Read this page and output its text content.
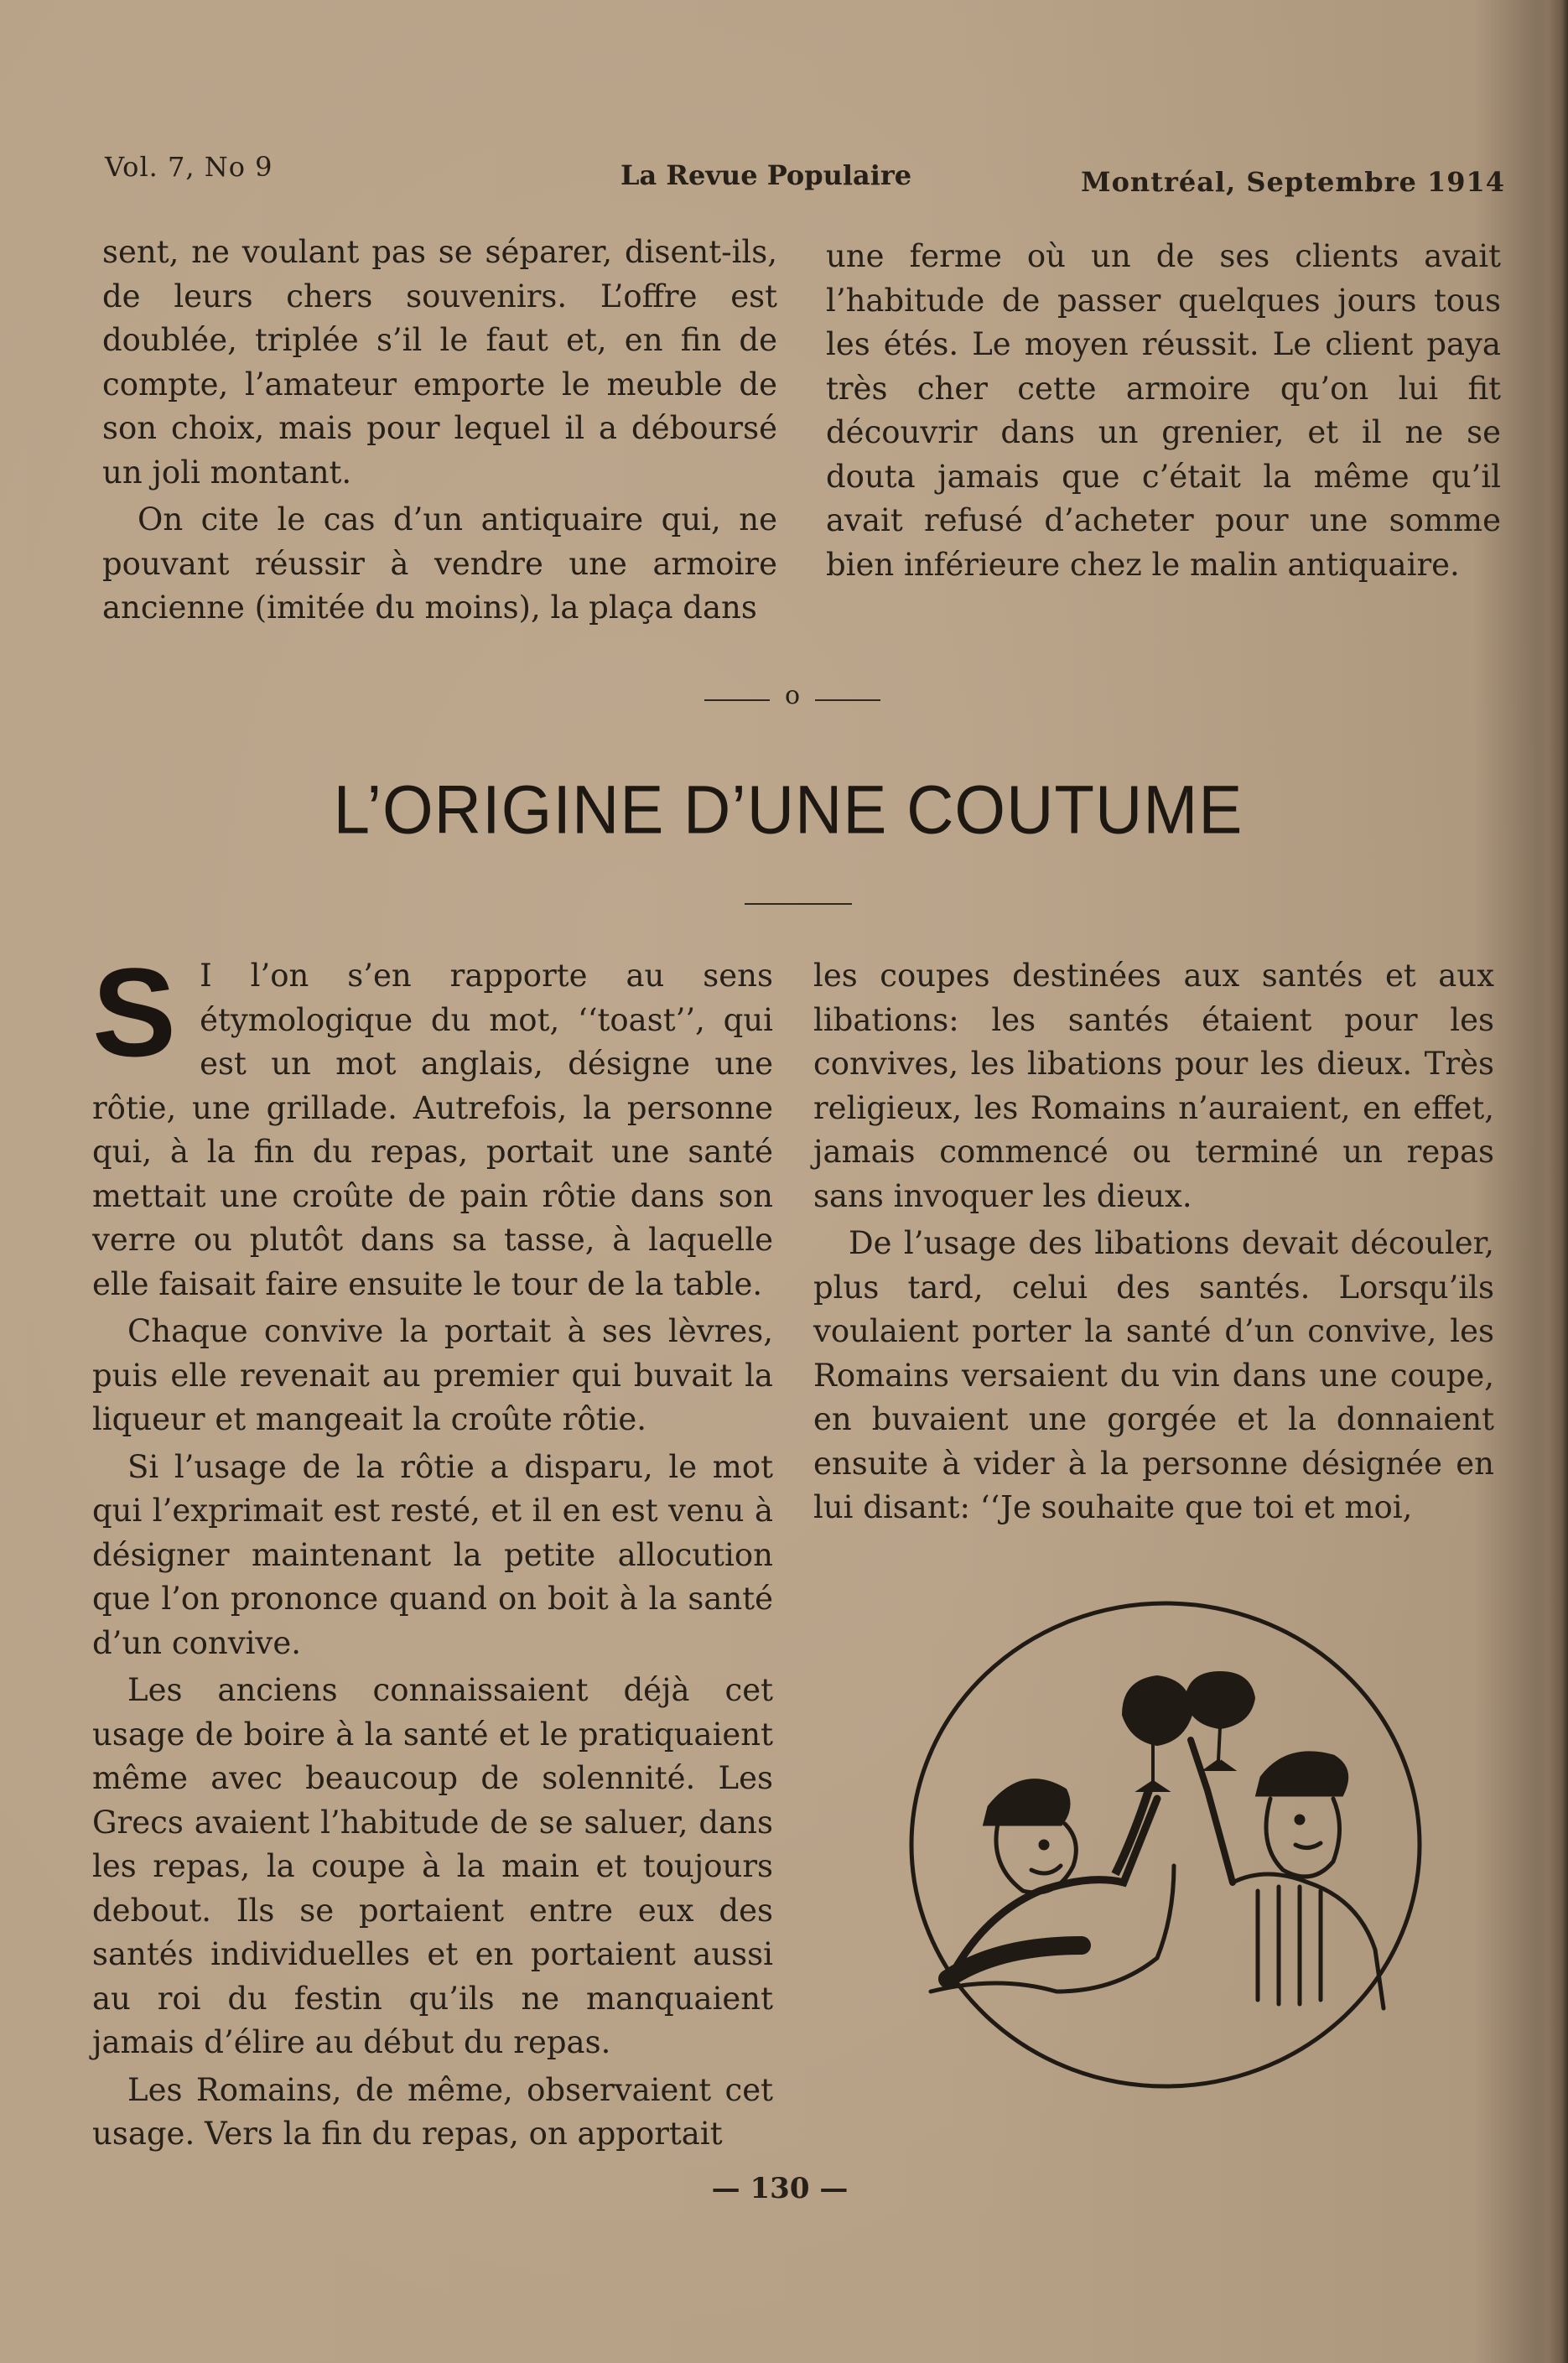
Vol. 7, No 9	La Revue Populaire	Montréal, Septembre 1914

sent, ne voulant pas se séparer, disent-ils, de leurs chers souvenirs. L’offre est doublée, triplée s’il le faut et, en fin de compte, l’amateur emporte le meuble de son choix, mais pour lequel il a déboursé un joli montant.

On cite le cas d’un antiquaire qui, ne pouvant réussir à vendre une armoire ancienne (imitée du moins), la plaça dans

une ferme où un de ses clients avait l’habitude de passer quelques jours tous les étés. Le moyen réussit. Le client paya très cher cette armoire qu’on lui fit découvrir dans un grenier, et il ne se douta jamais que c’était la même qu’il avait refusé d’acheter pour une somme bien inférieure chez le malin antiquaire.

o
L’ORIGINE D’UNE COUTUME

S I l’on s’en rapporte au sens étymologique du mot, ‘‘toast’’, qui est un mot anglais, désigne une rôtie, une grillade. Autrefois, la personne qui, à la fin du repas, portait une santé mettait une croûte de pain rôtie dans son verre ou plutôt dans sa tasse, à laquelle elle faisait faire ensuite le tour de la table.

Chaque convive la portait à ses lèvres, puis elle revenait au premier qui buvait la liqueur et mangeait la croûte rôtie.

Si l’usage de la rôtie a disparu, le mot qui l’exprimait est resté, et il en est venu à désigner maintenant la petite allocution que l’on prononce quand on boit à la santé d’un convive.

Les anciens connaissaient déjà cet usage de boire à la santé et le pratiquaient même avec beaucoup de solennité. Les Grecs avaient l’habitude de se saluer, dans les repas, la coupe à la main et toujours debout. Ils se portaient entre eux des santés individuelles et en portaient aussi au roi du festin qu’ils ne manquaient jamais d’élire au début du repas.

Les Romains, de même, observaient cet usage. Vers la fin du repas, on apportait

les coupes destinées aux santés et aux libations: les santés étaient pour les convives, les libations pour les dieux. Très religieux, les Romains n’auraient, en effet, jamais commencé ou terminé un repas sans invoquer les dieux.

De l’usage des libations devait découler, plus tard, celui des santés. Lorsqu’ils voulaient porter la santé d’un convive, les Romains versaient du vin dans une coupe, en buvaient une gorgée et la donnaient ensuite à vider à la personne désignée en lui disant: ‘‘Je souhaite que toi et moi,

— 130 —
